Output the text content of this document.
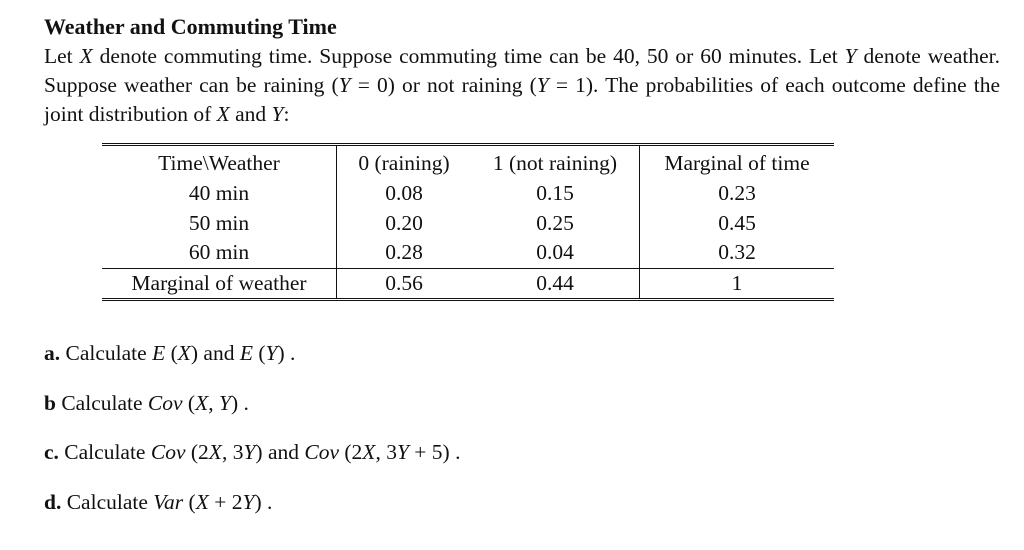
Weather and Commuting Time

Let X denote commuting time. Suppose commuting time can be 40, 50 or 60 minutes. Let Y denote weather. Suppose weather can be raining (Y = 0) or not raining (Y = 1). The probabilities of each outcome define the joint distribution of X and Y:

Time\Weather	0 (raining)	1 (not raining)	Marginal of time
40 min	0.08	0.15	0.23
50 min	0.20	0.25	0.45
60 min	0.28	0.04	0.32
Marginal of weather	0.56	0.44	1
a. Calculate E (X) and E (Y) .
b Calculate Cov (X, Y) .
c. Calculate Cov (2X, 3Y) and Cov (2X, 3Y + 5) .
d. Calculate Var (X + 2Y) .
